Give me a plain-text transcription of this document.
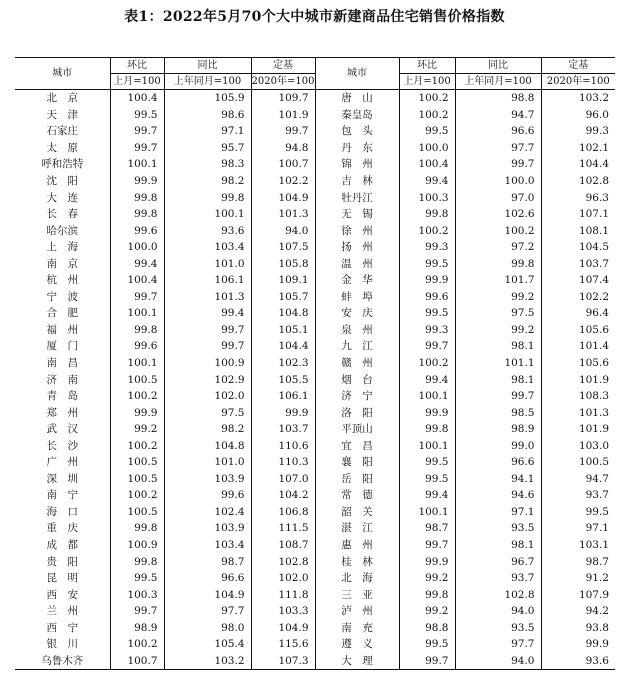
表1：2022年5月70个大中城市新建商品住宅销售价格指数
城市	环比	同比	定基	城市	环比	同比	定基
	上月=100	上年同月=100	2020年=100		上月=100	上年同月=100	2020年=100
北　京	100.4	105.9	109.7	唐　山	100.2	98.8	103.2
天　津	99.5	98.6	101.9	秦皇岛	100.2	94.7	96.0
石家庄	99.7	97.1	99.7	包　头	99.5	96.6	99.3
太　原	99.7	95.7	94.8	丹　东	100.0	97.7	102.1
呼和浩特	100.1	98.3	100.7	锦　州	100.4	99.7	104.4
沈　阳	99.9	98.2	102.2	吉　林	99.4	100.0	102.8
大　连	99.8	99.8	104.9	牡丹江	100.3	97.0	96.3
长　春	99.8	100.1	101.3	无　锡	99.8	102.6	107.1
哈尔滨	99.6	93.6	94.0	徐　州	100.2	100.2	108.1
上　海	100.0	103.4	107.5	扬　州	99.3	97.2	104.5
南　京	99.4	101.0	105.8	温　州	99.5	99.8	103.7
杭　州	100.4	106.1	109.1	金　华	99.9	101.7	107.4
宁　波	99.7	101.3	105.7	蚌　埠	99.6	99.2	102.2
合　肥	100.1	99.4	104.8	安　庆	99.5	97.5	96.4
福　州	99.8	99.7	105.1	泉　州	99.3	99.2	105.6
厦　门	99.6	99.7	104.4	九　江	99.7	98.1	101.4
南　昌	100.1	100.9	102.3	赣　州	100.2	101.1	105.6
济　南	100.5	102.9	105.5	烟　台	99.4	98.1	101.9
青　岛	100.2	102.0	106.1	济　宁	100.1	99.7	108.3
郑　州	99.9	97.5	99.9	洛　阳	99.9	98.5	101.3
武　汉	99.2	98.2	103.7	平顶山	99.8	98.9	101.9
长　沙	100.2	104.8	110.6	宜　昌	100.1	99.0	103.0
广　州	100.5	101.0	110.3	襄　阳	99.5	96.6	100.5
深　圳	100.5	103.9	107.0	岳　阳	99.5	94.1	94.7
南　宁	100.2	99.6	104.2	常　德	99.4	94.6	93.7
海　口	100.5	102.4	106.8	韶　关	100.1	97.1	99.5
重　庆	99.8	103.9	111.5	湛　江	98.7	93.5	97.1
成　都	100.9	103.4	108.7	惠　州	99.7	98.1	103.1
贵　阳	99.8	98.7	102.8	桂　林	99.9	96.7	98.7
昆　明	99.5	96.6	102.0	北　海	99.2	93.7	91.2
西　安	100.3	104.9	111.8	三　亚	99.8	102.8	107.9
兰　州	99.7	97.7	103.3	泸　州	99.2	94.0	94.2
西　宁	98.9	98.0	104.9	南　充	98.8	93.5	93.8
银　川	100.2	105.4	115.6	遵　义	99.5	97.7	99.9
乌鲁木齐	100.7	103.2	107.3	大　理	99.7	94.0	93.6
